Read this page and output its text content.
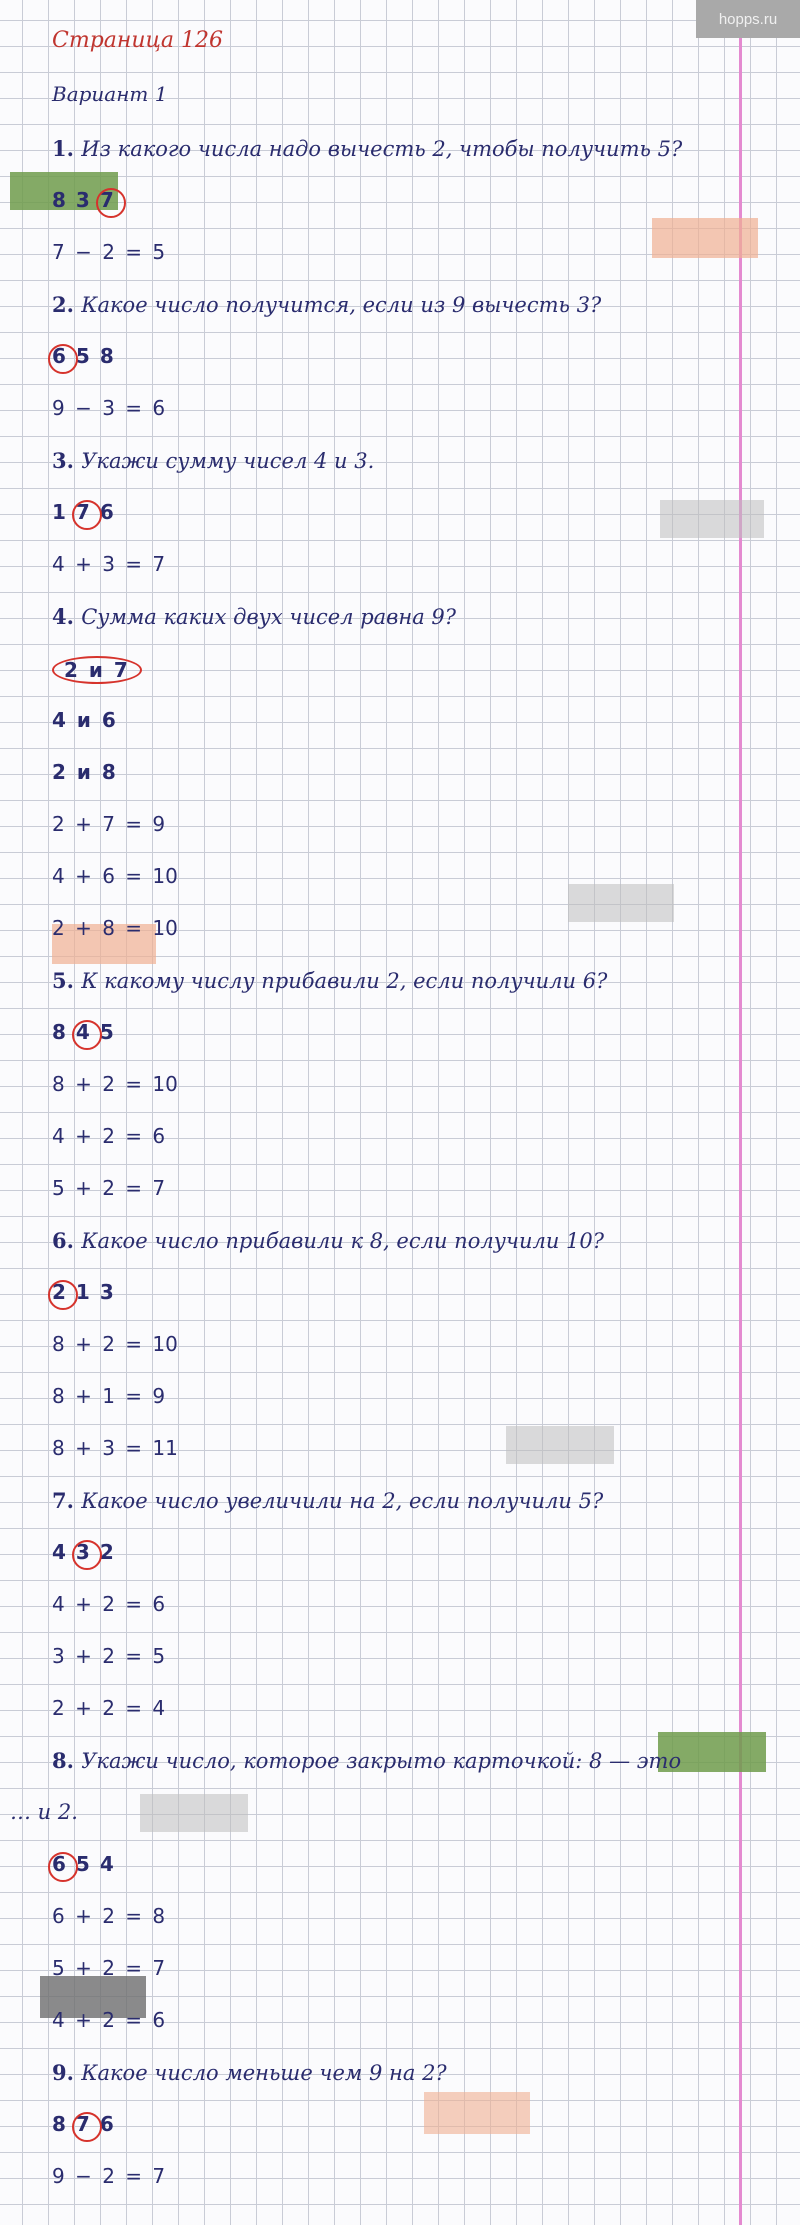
hopps.ru
Страница 126
Вариант 1
1. Из какого числа надо вычесть 2, чтобы получить 5?
8 3 7
7 − 2 = 5
2. Какое число получится, если из 9 вычесть 3?
6 5 8
9 − 3 = 6
3. Укажи сумму чисел 4 и 3.
1 7 6
4 + 3 = 7
4. Сумма каких двух чисел равна 9?
2 и 7
4 и 6
2 и 8
2 + 7 = 9
4 + 6 = 10
2 + 8 = 10
5. К какому числу прибавили 2, если получили 6?
8 4 5
8 + 2 = 10
4 + 2 = 6
5 + 2 = 7
6. Какое число прибавили к 8, если получили 10?
2 1 3
8 + 2 = 10
8 + 1 = 9
8 + 3 = 11
7. Какое число увеличили на 2, если получили 5?
4 3 2
4 + 2 = 6
3 + 2 = 5
2 + 2 = 4
8. Укажи число, которое закрыто карточкой: 8 — это
… и 2.
6 5 4
6 + 2 = 8
5 + 2 = 7
4 + 2 = 6
9. Какое число меньше чем 9 на 2?
8 7 6
9 − 2 = 7
